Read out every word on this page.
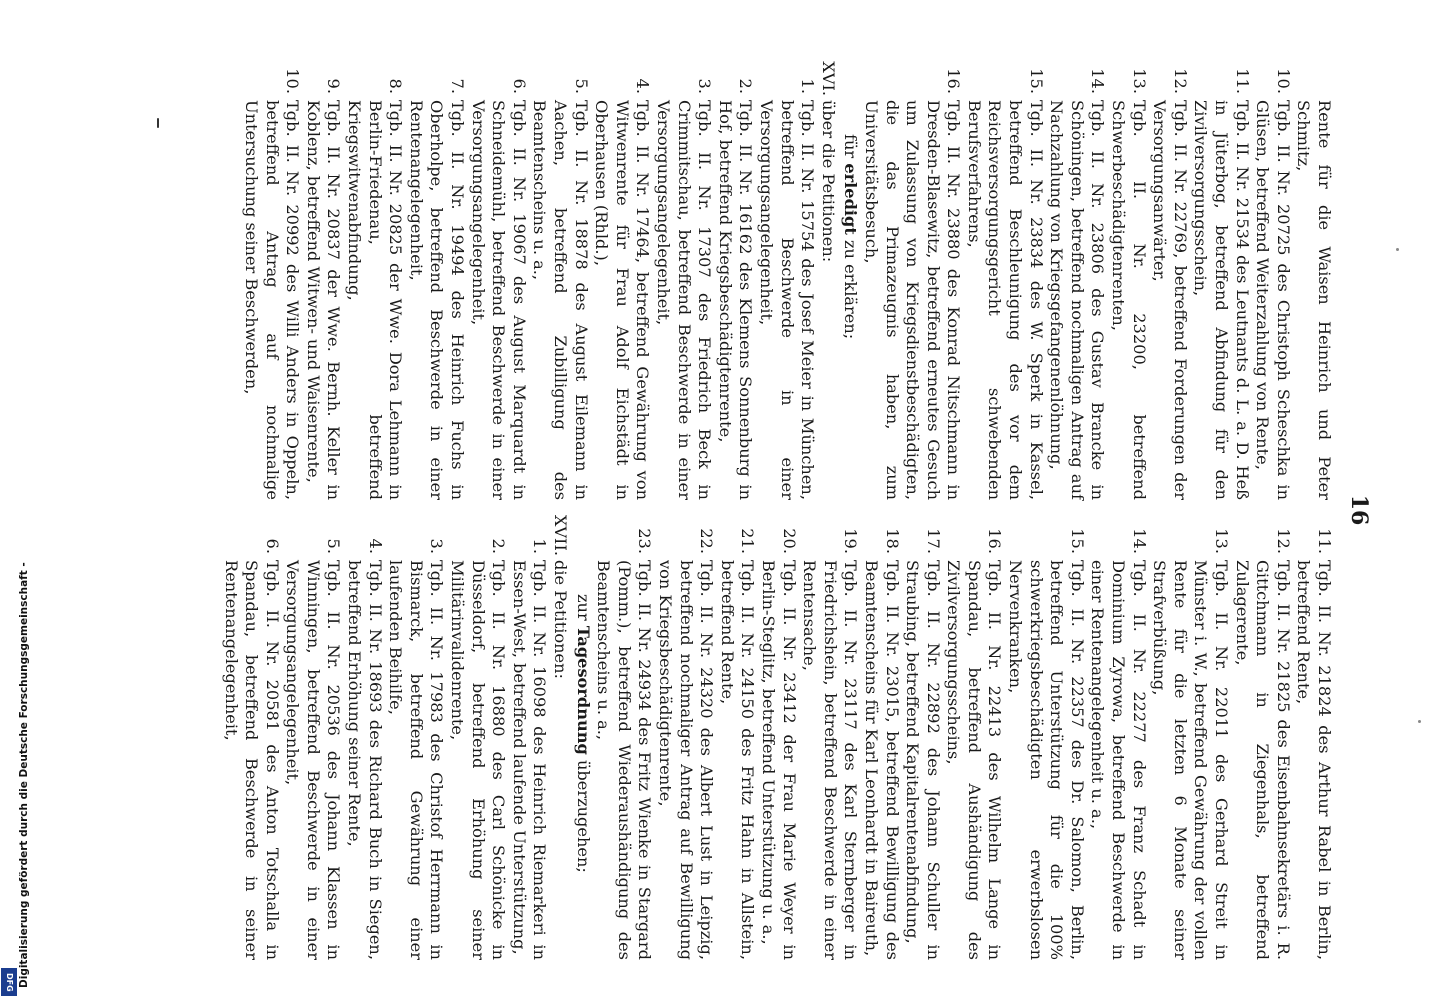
16

11.
Tgb. II. Nr. 21824 des Arthur Rabel in Berlin, betreffend Rente,

12.
Tgb. II. Nr. 21825 des Eisenbahnsekretärs i. R. Gittchmann in Ziegenhals, betreffend Zulagerente,

13.
Tgb. II. Nr. 22011 des Gerhard Streit in Münster i. W., betreffend Gewährung der vollen Rente für die letzten 6 Monate seiner Strafverbüßung,

14.
Tgb. II. Nr. 22277 des Franz Schadt in Dominium Zyrowa, betreffend Beschwerde in einer Rentenangelegenheit u. a.,

15.
Tgb. II. Nr. 22357 des Dr. Salomon, Berlin, betreffend Unterstützung für die 100% schwerkriegsbeschädigten erwerbslosen Nervenkranken,

16.
Tgb. II. Nr. 22413 des Wilhelm Lange in Spandau, betreffend Aushändigung des Zivilversorgungsscheins,

17.
Tgb. II. Nr. 22892 des Johann Schuller in Straubing, betreffend Kapitalrentenabfindung,

18.
Tgb. II. Nr. 23015, betreffend Bewilligung des Beamtenscheins für Karl Leonhardt in Baireuth,

19.
Tgb. II. Nr. 23117 des Karl Sternberger in Friedrichshein, betreffend Beschwerde in einer Rentensache,

20.
Tgb. II. Nr. 23412 der Frau Marie Weyer in Berlin-Steglitz, betreffend Unterstützung u. a.,

21.
Tgb. II. Nr. 24150 des Fritz Hahn in Allstein, betreffend Rente,

22.
Tgb. II. Nr. 24320 des Albert Lust in Leipzig, betreffend nochmaliger Antrag auf Bewilligung von Kriegsbeschädigtenrente,

23.
Tgb. II. Nr. 24934 des Fritz Wienke in Stargard (Pomm.), betreffend Wiederaushändigung des Beamtenscheins u. a.,

zur Tagesordnung überzugehen;

XVII.
die Petitionen:

1.
Tgb. II. Nr. 16098 des Heinrich Riemarkeri in Essen-West, betreffend laufende Unterstützung,

2.
Tgb. II. Nr. 16880 des Carl Schönicke in Düsseldorf, betreffend Erhöhung seiner Militärinvalidenrente,

3.
Tgb. II. Nr. 17983 des Christof Herrmann in Bismarck, betreffend Gewährung einer laufenden Beihilfe,

4.
Tgb. II. Nr. 18693 des Richard Buch in Siegen, betreffend Erhöhung seiner Rente,

5.
Tgb. II. Nr. 20536 des Johann Klassen in Winningen, betreffend Beschwerde in einer Versorgungsangelegenheit,

6.
Tgb. II. Nr. 20581 des Anton Totschalla in Spandau, betreffend Beschwerde in seiner Rentenangelegenheit,

Rente für die Waisen Heinrich und Peter Schmitz,

10.
Tgb. II. Nr. 20725 des Christoph Scheschka in Glüsen, betreffend Weiterzahlung von Rente,

11.
Tgb. II. Nr. 21534 des Leutnants d. L. a. D. Heß in Jüterbog, betreffend Abfindung für den Zivilversorgungsschein,

12.
Tgb. II. Nr. 22769, betreffend Forderungen der Versorgungsanwärter,

13.
Tgb. II. Nr. 23200, betreffend Schwerbeschädigtenrenten,

14.
Tgb. II. Nr. 23806 des Gustav Brancke in Schöningen, betreffend nochmaligen Antrag auf Nachzahlung von Kriegsgefangenenlöhnung,

15.
Tgb. II. Nr. 23834 des W. Sperk in Kassel, betreffend Beschleunigung des vor dem Reichsversorgungsgericht schwebenden Berufsverfahrens,

16.
Tgb. II. Nr. 23880 des Konrad Nitschmann in Dresden-Blasewitz, betreffend erneutes Gesuch um Zulassung von Kriegsdienstbeschädigten, die das Primazeugnis haben, zum Universitätsbesuch,

für erledigt zu erklären;

XVI.
über die Petitionen:

1.
Tgb. II. Nr. 15754 des Josef Meier in München, betreffend Beschwerde in einer Versorgungsangelegenheit,

2.
Tgb. II. Nr. 16162 des Klemens Sonnenburg in Hof, betreffend Kriegsbeschädigtenrente,

3.
Tgb. II. Nr. 17307 des Friedrich Beck in Crimmitschau, betreffend Beschwerde in einer Versorgungsangelegenheit,

4.
Tgb. II. Nr. 17464, betreffend Gewährung von Witwenrente für Frau Adolf Eichstädt in Oberhausen (Rhld.),

5.
Tgb. II. Nr. 18878 des August Eilemann in Aachen, betreffend Zubilligung des Beamtenscheins u. a.,

6.
Tgb. II. Nr. 19067 des August Marquardt in Schneidemühl, betreffend Beschwerde in einer Versorgungsangelegenheit,

7.
Tgb. II. Nr. 19494 des Heinrich Fuchs in Oberholpe, betreffend Beschwerde in einer Rentenangelegenheit,

8.
Tgb. II. Nr. 20825 der Wwe. Dora Lehmann in Berlin-Friedenau, betreffend Kriegswitwenabfindung,

9.
Tgb. II. Nr. 20837 der Wwe. Bernh. Keller in Koblenz, betreffend Witwen- und Waisenrente,

10.
Tgb. II. Nr. 20992 des Willi Anders in Oppeln, betreffend Antrag auf nochmalige Untersuchung seiner Beschwerden,

Digitalisierung gefördert durch die Deutsche Forschungsgemeinschaft -
DFG
